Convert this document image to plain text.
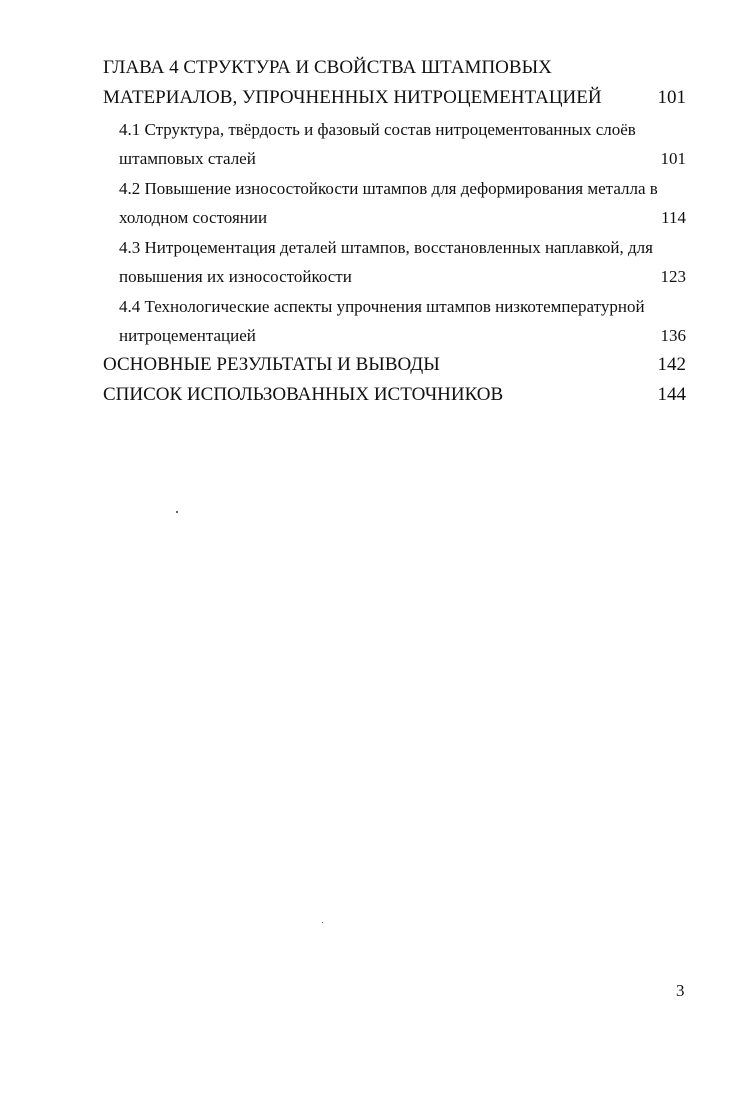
ГЛАВА 4 СТРУКТУРА И СВОЙСТВА ШТАМПОВЫХ
МАТЕРИАЛОВ, УПРОЧНЕННЫХ НИТРОЦЕМЕНТАЦИЕЙ	101
4.1 Структура, твёрдость и фазовый состав нитроцементованных слоёв
штамповых сталей	101
4.2 Повышение износостойкости штампов для деформирования металла в
холодном состоянии	114
4.3 Нитроцементация деталей штампов, восстановленных наплавкой, для
повышения их износостойкости	123
4.4 Технологические аспекты упрочнения штампов низкотемпературной
нитроцементацией	136
ОСНОВНЫЕ РЕЗУЛЬТАТЫ И ВЫВОДЫ	142
СПИСОК ИСПОЛЬЗОВАННЫХ ИСТОЧНИКОВ	144
3
